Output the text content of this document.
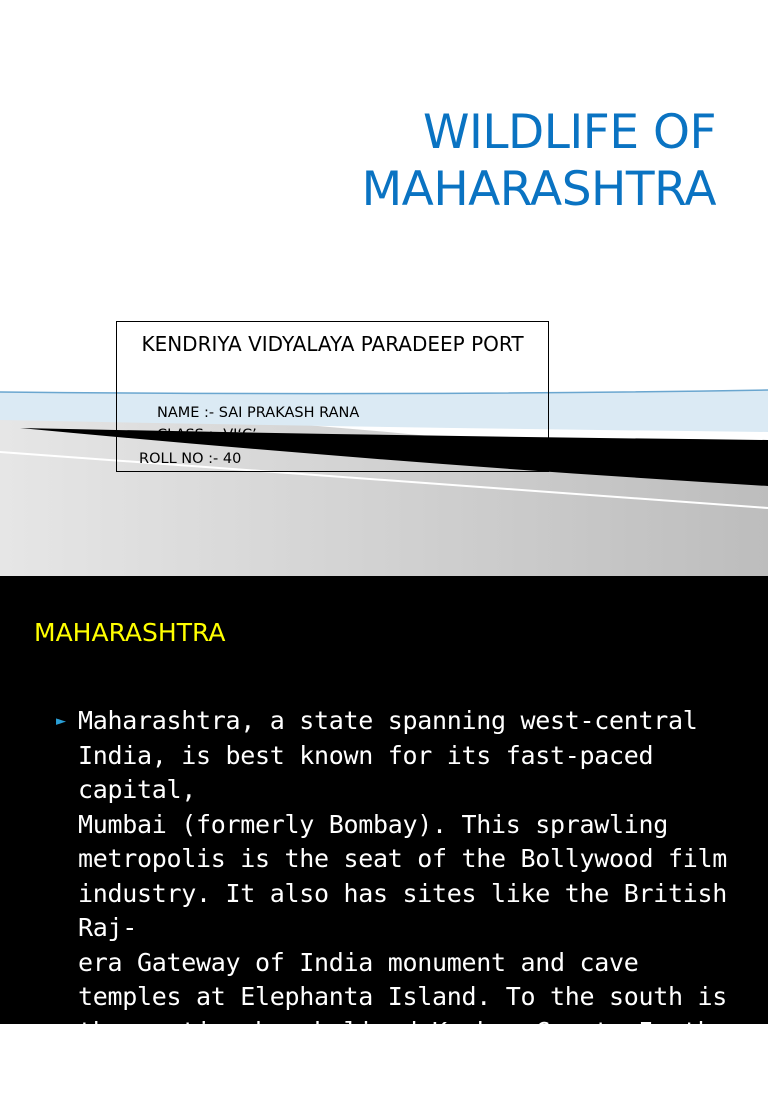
WILDLIFE OF
MAHARASHTRA
KENDRIYA VIDYALAYA PARADEEP PORT
NAME :- SAI PRAKASH RANA
CLASS :- VI‘C’
ROLL NO :- 40
MAHARASHTRA
► Maharashtra, a state spanning west-central
India, is best known for its fast-paced capital,
Mumbai (formerly Bombay). This sprawling
metropolis is the seat of the Bollywood film
industry. It also has sites like the British Raj-
era Gateway of India monument and cave
temples at Elephanta Island. To the south is
the rustic, beach-lined Konkan Coast. In the
city of Pune, Aga Khan Palace is a memorial
to Mahatma Gandhi.
